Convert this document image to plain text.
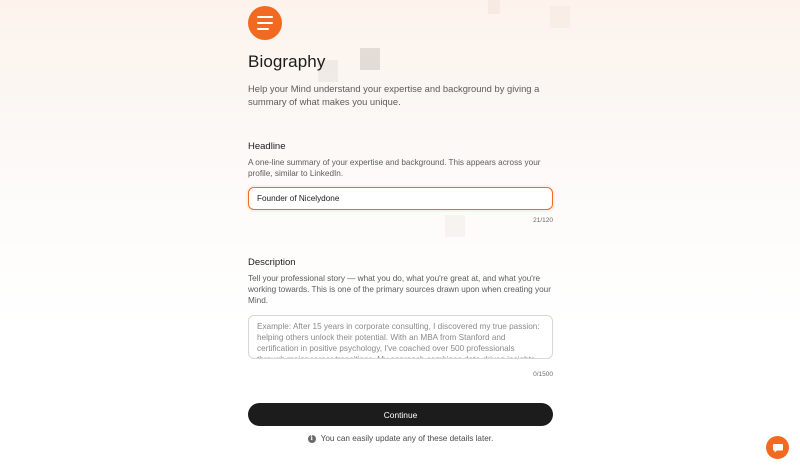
Biography
Help your Mind understand your expertise and background by giving a summary of what makes you unique.
Headline
A one-line summary of your expertise and background. This appears across your profile, similar to LinkedIn.
Founder of Nicelydone
21/120
Description
Tell your professional story — what you do, what you're great at, and what you're working towards. This is one of the primary sources drawn upon when creating your Mind.
Example: After 15 years in corporate consulting, I discovered my true passion: helping others unlock their potential. With an MBA from Stanford and certification in positive psychology, I've coached over 500 professionals through major career transitions. My approach combines data-driven insights with emotional
0/1500
Continue
i You can easily update any of these details later.
